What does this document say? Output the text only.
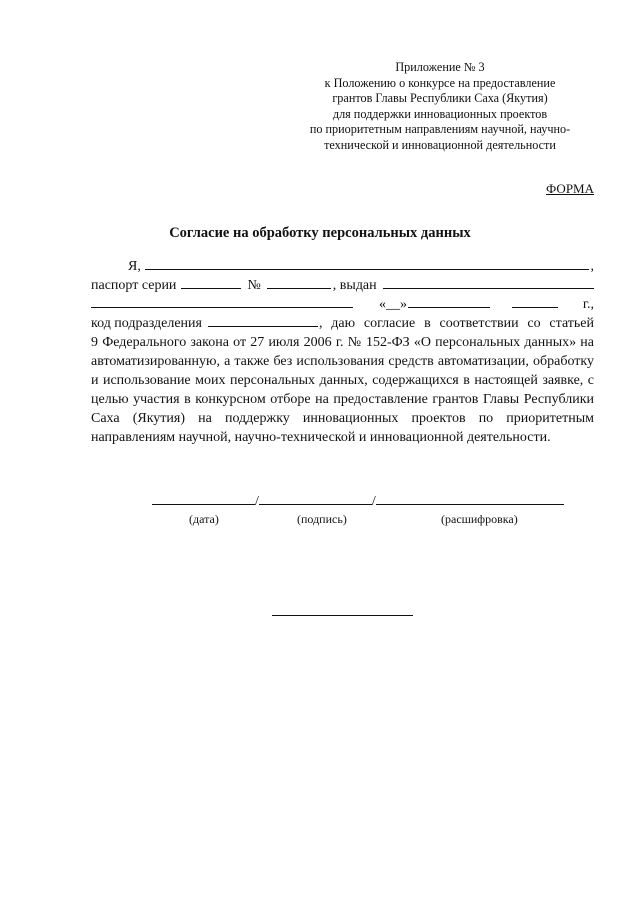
Приложение № 3
к Положению о конкурсе на предоставление
грантов Главы Республики Саха (Якутия)
для поддержки инновационных проектов
по приоритетным направлениям научной, научно-
технической и инновационной деятельности
ФОРМА
Согласие на обработку персональных данных
Я,	,
паспорт серии	№	, выдан
«__»	г.,
код подразделения	, даю согласие в соответствии со статьей
9 Федерального закона от 27 июля 2006 г. № 152-ФЗ «О персональных данных» на автоматизированную, а также без использования средств автоматизации, обработку и использование моих персональных данных, содержащихся в настоящей заявке, с целью участия в конкурсном отборе на предоставление грантов Главы Республики Саха (Якутия) на поддержку инновационных проектов по приоритетным направлениям научной, научно-технической и инновационной деятельности.
/	/
(дата)	(подпись)	(расшифровка)
